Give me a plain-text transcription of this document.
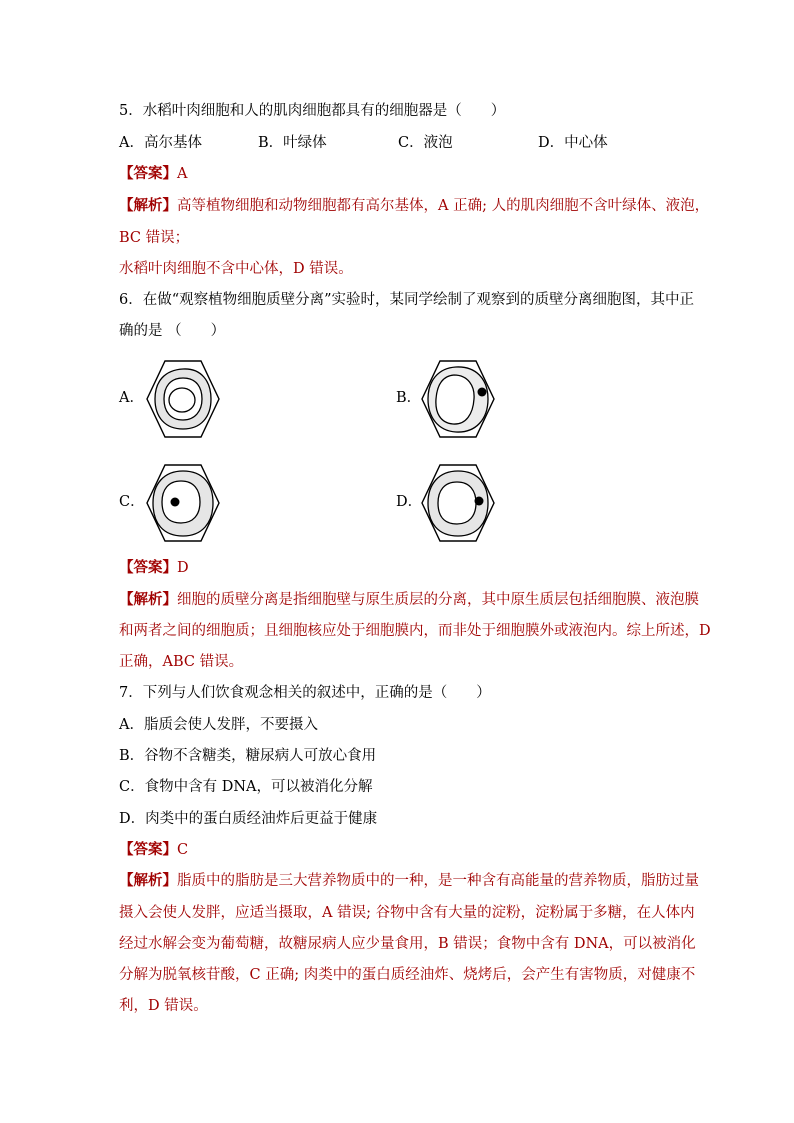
5．水稻叶肉细胞和人的肌肉细胞都具有的细胞器是（　　）
A．高尔基体	B．叶绿体	C．液泡	D．中心体
【答案】A
【解析】高等植物细胞和动物细胞都有高尔基体，A 正确; 人的肌肉细胞不含叶绿体、液泡，
BC 错误；
水稻叶肉细胞不含中心体，D 错误。
6．在做“观察植物细胞质壁分离”实验时，某同学绘制了观察到的质壁分离细胞图，其中正
确的是 （　　）
A．	B．
C．	D．
【答案】D
【解析】细胞的质壁分离是指细胞壁与原生质层的分离，其中原生质层包括细胞膜、液泡膜
和两者之间的细胞质；且细胞核应处于细胞膜内，而非处于细胞膜外或液泡内。综上所述，D
正确，ABC 错误。
7．下列与人们饮食观念相关的叙述中，正确的是（　　）
A．脂质会使人发胖，不要摄入
B．谷物不含糖类，糖尿病人可放心食用
C．食物中含有 DNA，可以被消化分解
D．肉类中的蛋白质经油炸后更益于健康
【答案】C
【解析】脂质中的脂肪是三大营养物质中的一种，是一种含有高能量的营养物质，脂肪过量
摄入会使人发胖，应适当摄取，A 错误; 谷物中含有大量的淀粉，淀粉属于多糖，在人体内
经过水解会变为葡萄糖，故糖尿病人应少量食用，B 错误；食物中含有 DNA，可以被消化
分解为脱氧核苷酸，C 正确; 肉类中的蛋白质经油炸、烧烤后，会产生有害物质，对健康不
利，D 错误。
